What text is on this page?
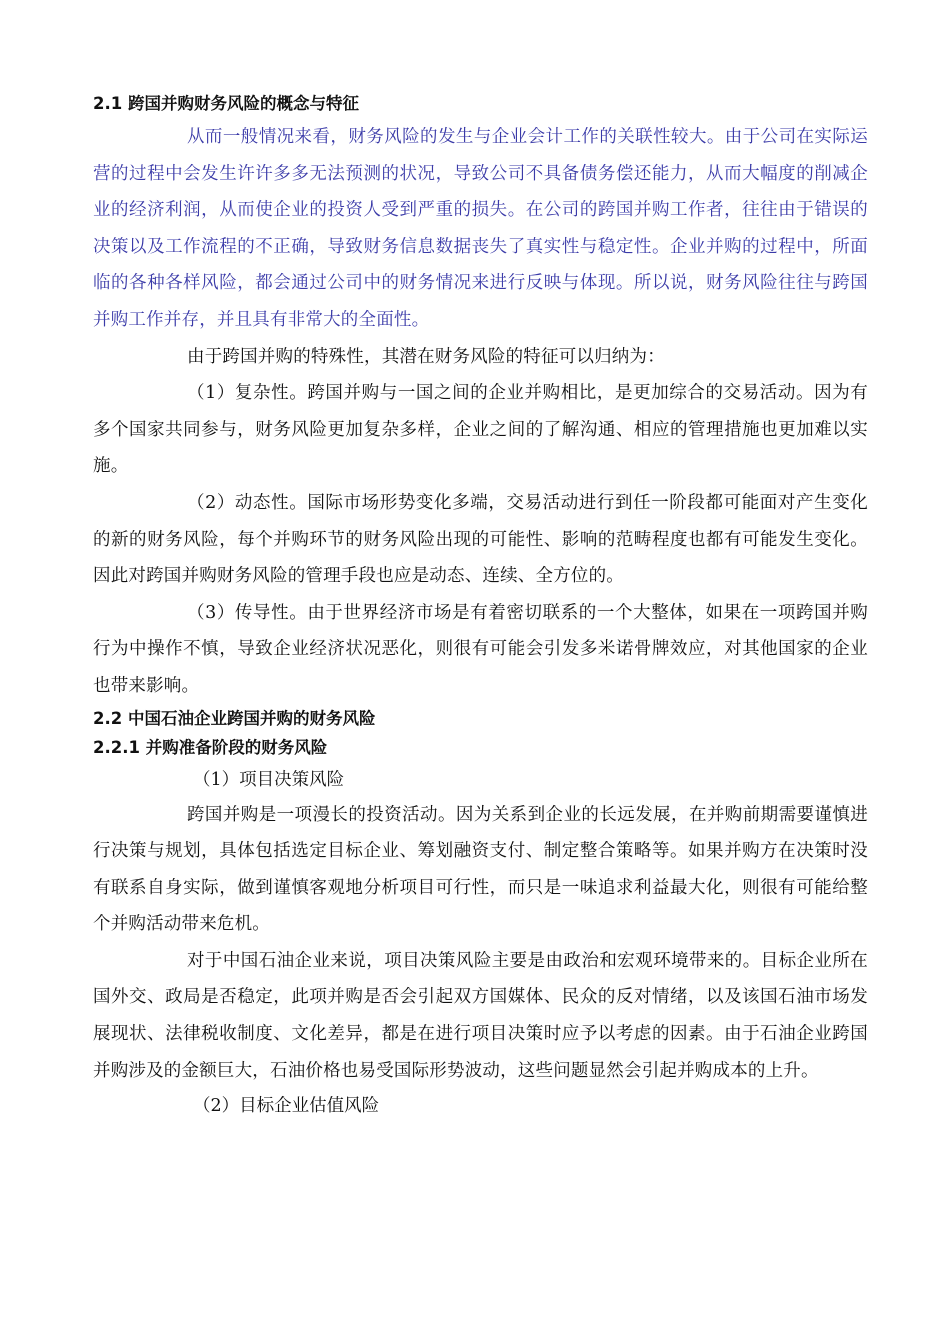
2.1 跨国并购财务风险的概念与特征

从而一般情况来看，财务风险的发生与企业会计工作的关联性较大。由于公司在实际运营的过程中会发生许许多多无法预测的状况，导致公司不具备债务偿还能力，从而大幅度的削减企业的经济利润，从而使企业的投资人受到严重的损失。在公司的跨国并购工作者，往往由于错误的决策以及工作流程的不正确，导致财务信息数据丧失了真实性与稳定性。企业并购的过程中，所面临的各种各样风险，都会通过公司中的财务情况来进行反映与体现。所以说，财务风险往往与跨国并购工作并存，并且具有非常大的全面性。

由于跨国并购的特殊性，其潜在财务风险的特征可以归纳为：

（1）复杂性。跨国并购与一国之间的企业并购相比，是更加综合的交易活动。因为有多个国家共同参与，财务风险更加复杂多样，企业之间的了解沟通、相应的管理措施也更加难以实施。

（2）动态性。国际市场形势变化多端，交易活动进行到任一阶段都可能面对产生变化的新的财务风险，每个并购环节的财务风险出现的可能性、影响的范畴程度也都有可能发生变化。因此对跨国并购财务风险的管理手段也应是动态、连续、全方位的。

（3）传导性。由于世界经济市场是有着密切联系的一个大整体，如果在一项跨国并购行为中操作不慎，导致企业经济状况恶化，则很有可能会引发多米诺骨牌效应，对其他国家的企业也带来影响。

2.2 中国石油企业跨国并购的财务风险
2.2.1 并购准备阶段的财务风险

（1）项目决策风险

跨国并购是一项漫长的投资活动。因为关系到企业的长远发展，在并购前期需要谨慎进行决策与规划，具体包括选定目标企业、筹划融资支付、制定整合策略等。如果并购方在决策时没有联系自身实际，做到谨慎客观地分析项目可行性，而只是一味追求利益最大化，则很有可能给整个并购活动带来危机。

对于中国石油企业来说，项目决策风险主要是由政治和宏观环境带来的。目标企业所在国外交、政局是否稳定，此项并购是否会引起双方国媒体、民众的反对情绪，以及该国石油市场发展现状、法律税收制度、文化差异，都是在进行项目决策时应予以考虑的因素。由于石油企业跨国并购涉及的金额巨大，石油价格也易受国际形势波动，这些问题显然会引起并购成本的上升。

（2）目标企业估值风险
